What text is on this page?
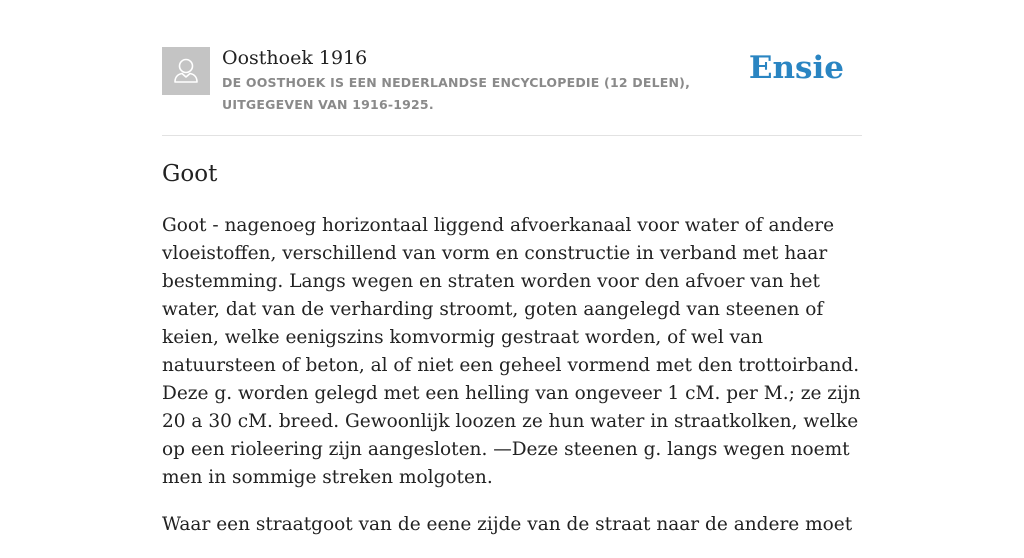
Oosthoek 1916
DE OOSTHOEK IS EEN NEDERLANDSE ENCYCLOPEDIE (12 DELEN), UITGEGEVEN VAN 1916-1925.
Ensie
Goot

Goot - nagenoeg horizontaal liggend afvoerkanaal voor water of andere vloeistoffen, verschillend van vorm en constructie in verband met haar bestemming. Langs wegen en straten worden voor den afvoer van het water, dat van de verharding stroomt, goten aangelegd van steenen of keien, welke eenigszins komvormig gestraat worden, of wel van natuursteen of beton, al of niet een geheel vormend met den trottoirband. Deze g. worden gelegd met een helling van ongeveer 1 cM. per M.; ze zijn 20 a 30 cM. breed. Gewoonlijk loozen ze hun water in straatkolken, welke op een rioleering zijn aangesloten. —Deze steenen g. langs wegen noemt men in sommige streken molgoten.

Waar een straatgoot van de eene zijde van de straat naar de andere moet
